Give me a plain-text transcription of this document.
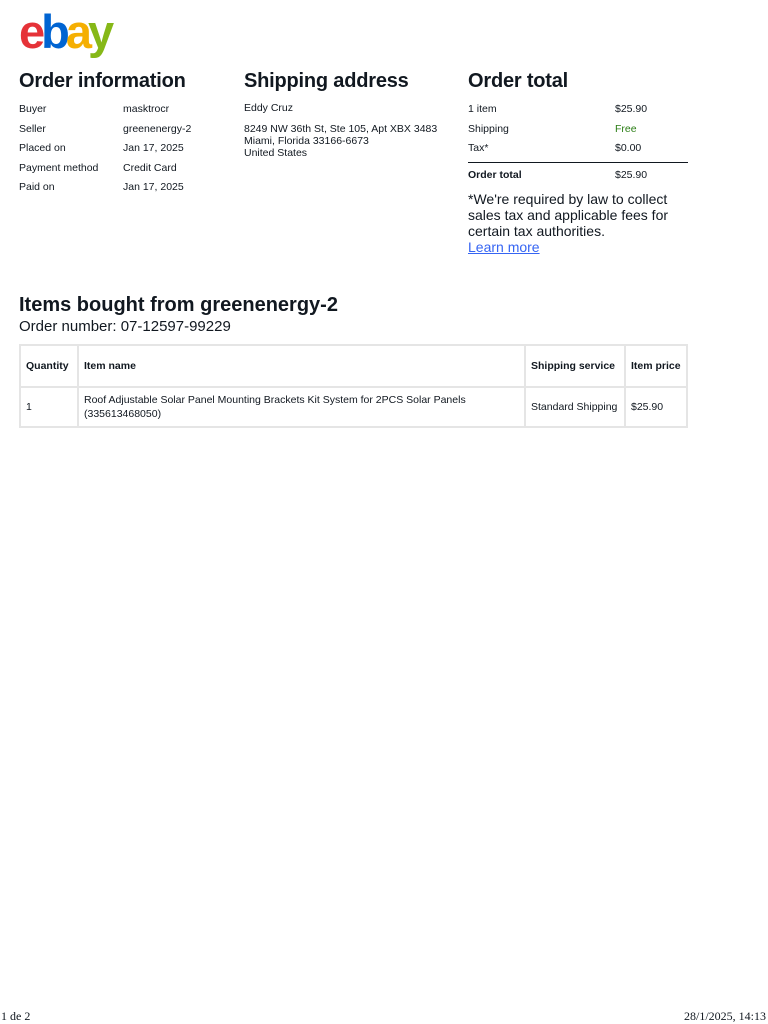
ebay
Order information
Buyer	masktrocr
Seller	greenenergy-2
Placed on	Jan 17, 2025
Payment method	Credit Card
Paid on	Jan 17, 2025
Shipping address
Eddy Cruz
8249 NW 36th St, Ste 105, Apt XBX 3483
Miami, Florida 33166-6673
United States
Order total
1 item	$25.90
Shipping	Free
Tax*	$0.00
Order total	$25.90
*We're required by law to collect sales tax and applicable fees for certain tax authorities.
Learn more
Items bought from greenenergy-2
Order number: 07-12597-99229
Quantity	Item name	Shipping service	Item price
1	Roof Adjustable Solar Panel Mounting Brackets Kit System for 2PCS Solar Panels (335613468050)	Standard Shipping	$25.90
1 de 2	28/1/2025, 14:13
